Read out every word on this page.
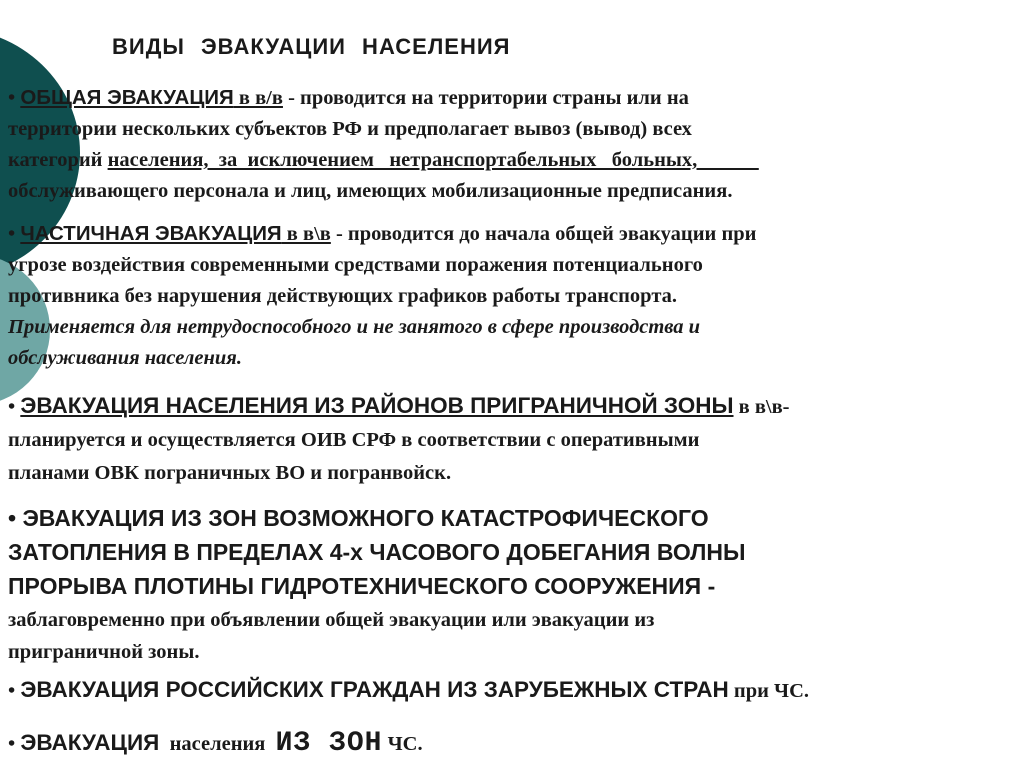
ВИДЫ ЭВАКУАЦИИ НАСЕЛЕНИЯ
• ОБЩАЯ ЭВАКУАЦИЯ в в/в - проводится на территории страны или на
территории нескольких субъектов РФ и предполагает вывоз (вывод) всех
категорий населения,  за  исключением   нетранспортабельных   больных,
обслуживающего персонала и лиц, имеющих мобилизационные предписания.
• ЧАСТИЧНАЯ ЭВАКУАЦИЯ в в\в - проводится до начала общей эвакуации при
угрозе воздействия современными средствами поражения потенциального
противника без нарушения действующих графиков работы транспорта.
Применяется для нетрудоспособного и не занятого в сфере производства и
обслуживания населения.
• ЭВАКУАЦИЯ НАСЕЛЕНИЯ ИЗ РАЙОНОВ ПРИГРАНИЧНОЙ ЗОНЫ в в\в-
планируется и осуществляется ОИВ СРФ в соответствии с оперативными
планами ОВК пограничных ВО и погранвойск.
• ЭВАКУАЦИЯ ИЗ ЗОН ВОЗМОЖНОГО КАТАСТРОФИЧЕСКОГО
ЗАТОПЛЕНИЯ В ПРЕДЕЛАХ 4-х ЧАСОВОГО ДОБЕГАНИЯ ВОЛНЫ
ПРОРЫВА ПЛОТИНЫ ГИДРОТЕХНИЧЕСКОГО СООРУЖЕНИЯ -
заблаговременно при объявлении общей эвакуации или эвакуации из
приграничной зоны.
• ЭВАКУАЦИЯ РОССИЙСКИХ ГРАЖДАН ИЗ ЗАРУБЕЖНЫХ СТРАН при ЧС.
• ЭВАКУАЦИЯ  населения  ИЗ ЗОН ЧС.
